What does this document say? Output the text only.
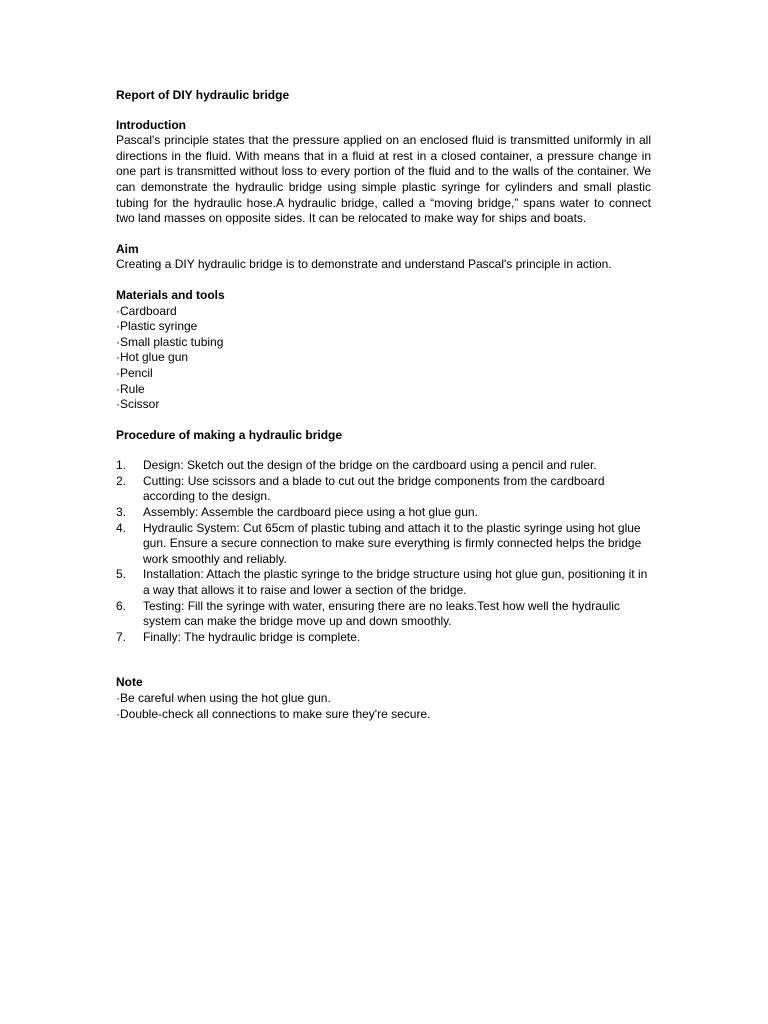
Report of DIY hydraulic bridge

Introduction

Pascal's principle states that the pressure applied on an enclosed fluid is transmitted uniformly in all directions in the fluid. With means that in a fluid at rest in a closed container, a pressure change in one part is transmitted without loss to every portion of the fluid and to the walls of the container. We can demonstrate the hydraulic bridge using simple plastic syringe for cylinders and small plastic tubing for the hydraulic hose.A hydraulic bridge, called a “moving bridge,” spans water to connect two land masses on opposite sides. It can be relocated to make way for ships and boats.

Aim

Creating a DIY hydraulic bridge is to demonstrate and understand Pascal's principle in action.

Materials and tools

·Cardboard
·Plastic syringe
·Small plastic tubing
·Hot glue gun
·Pencil
·Rule
·Scissor

Procedure of making a hydraulic bridge

1.	Design: Sketch out the design of the bridge on the cardboard using a pencil and ruler.
2.	Cutting: Use scissors and a blade to cut out the bridge components from the cardboard according to the design.
3.	Assembly: Assemble the cardboard piece using a hot glue gun.
4.	Hydraulic System: Cut 65cm of plastic tubing and attach it to the plastic syringe using hot glue gun. Ensure a secure connection to make sure everything is firmly connected helps the bridge work smoothly and reliably.
5.	Installation: Attach the plastic syringe to the bridge structure using hot glue gun, positioning it in a way that allows it to raise and lower a section of the bridge.
6.	Testing: Fill the syringe with water, ensuring there are no leaks.Test how well the hydraulic system can make the bridge move up and down smoothly.
7.	Finally: The hydraulic bridge is complete.

Note

·Be careful when using the hot glue gun.
·Double-check all connections to make sure they're secure.
